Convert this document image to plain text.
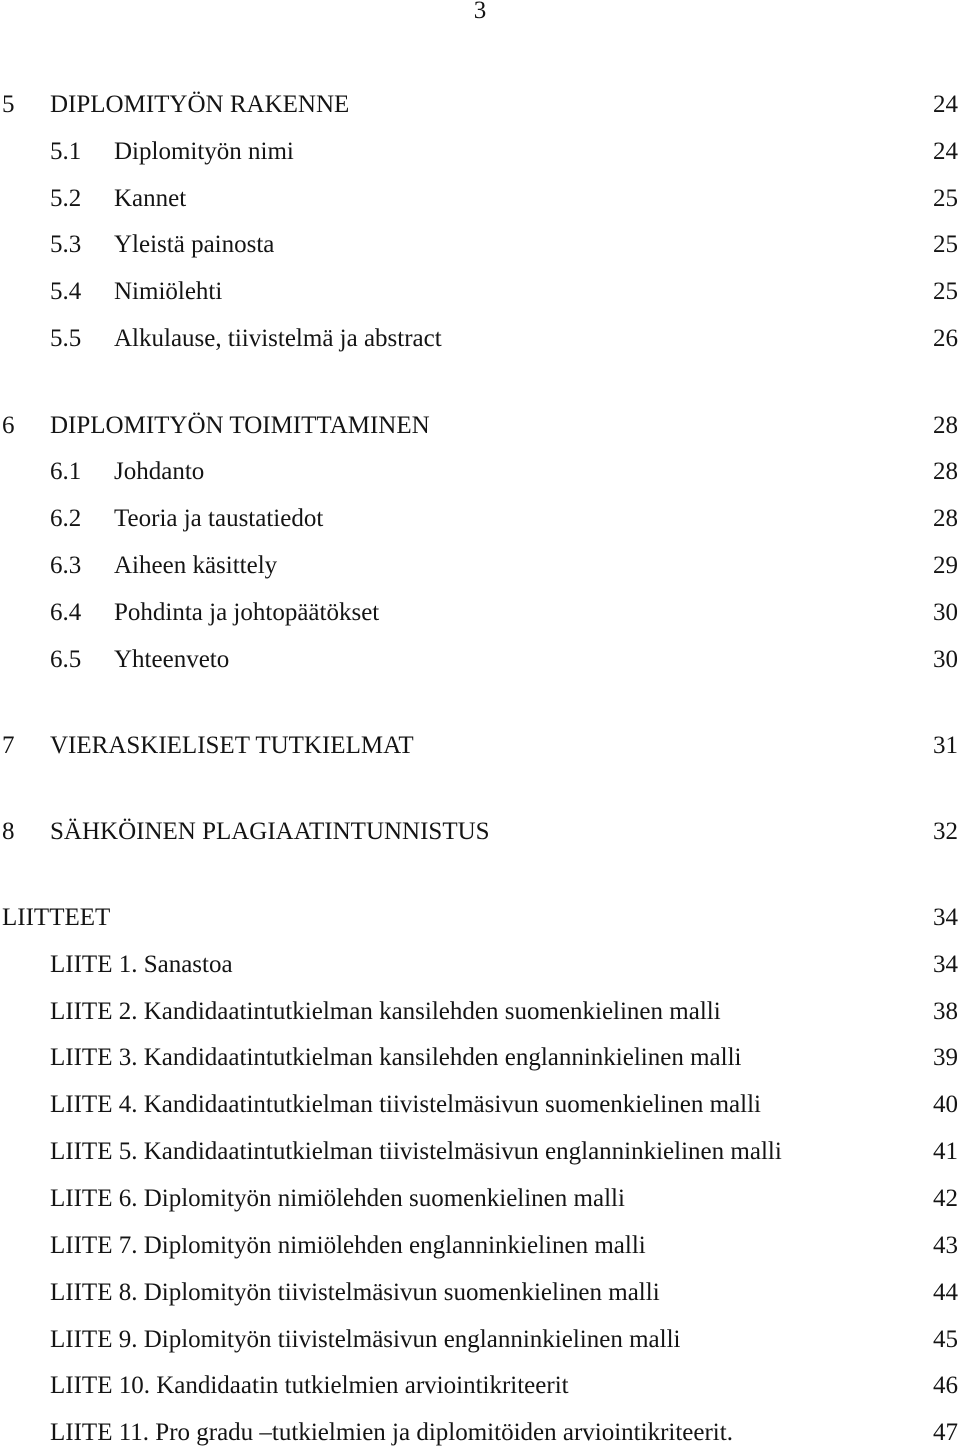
3
5 DIPLOMITYÖN RAKENNE	24
5.1 Diplomityön nimi	24
5.2 Kannet	25
5.3 Yleistä painosta	25
5.4 Nimiölehti	25
5.5 Alkulause, tiivistelmä ja abstract	26
6 DIPLOMITYÖN TOIMITTAMINEN	28
6.1 Johdanto	28
6.2 Teoria ja taustatiedot	28
6.3 Aiheen käsittely	29
6.4 Pohdinta ja johtopäätökset	30
6.5 Yhteenveto	30
7 VIERASKIELISET TUTKIELMAT	31
8 SÄHKÖINEN PLAGIAATINTUNNISTUS	32
LIITTEET	34
LIITE 1. Sanastoa	34
LIITE 2. Kandidaatintutkielman kansilehden suomenkielinen malli	38
LIITE 3. Kandidaatintutkielman kansilehden englanninkielinen malli	39
LIITE 4. Kandidaatintutkielman tiivistelmäsivun suomenkielinen malli	40
LIITE 5. Kandidaatintutkielman tiivistelmäsivun englanninkielinen malli	41
LIITE 6. Diplomityön nimiölehden suomenkielinen malli	42
LIITE 7. Diplomityön nimiölehden englanninkielinen malli	43
LIITE 8. Diplomityön tiivistelmäsivun suomenkielinen malli	44
LIITE 9. Diplomityön tiivistelmäsivun englanninkielinen malli	45
LIITE 10. Kandidaatin tutkielmien arviointikriteerit	46
LIITE 11. Pro gradu –tutkielmien ja diplomitöiden arviointikriteerit.	47
